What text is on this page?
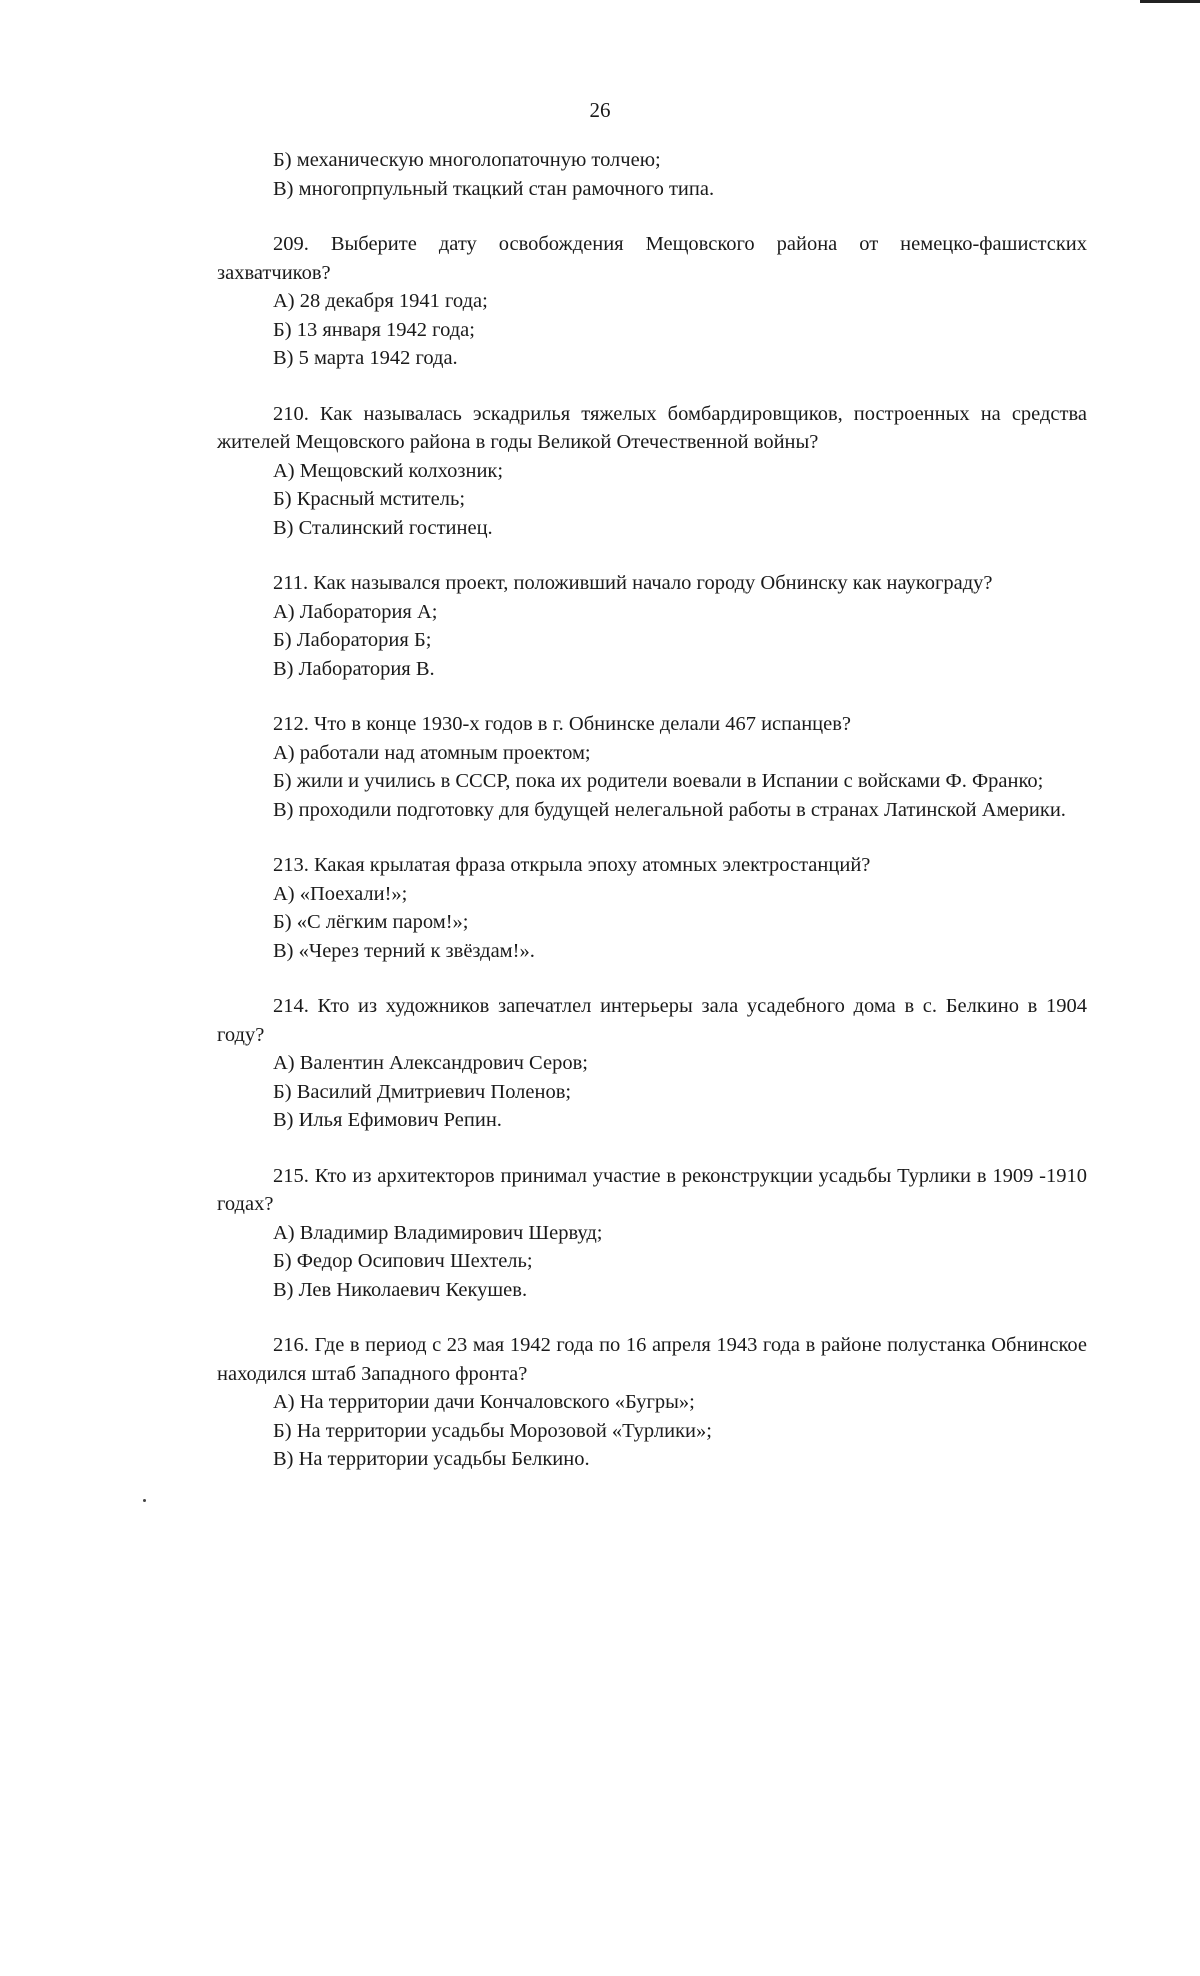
26
Б) механическую многолопаточную толчею;
В) многопрпульный ткацкий стан рамочного типа.
209. Выберите дату освобождения Мещовского района от немецко-фашистских захватчиков?
А) 28 декабря 1941 года;
Б) 13 января 1942 года;
В) 5 марта 1942 года.
210. Как называлась эскадрилья тяжелых бомбардировщиков, построенных на средства жителей Мещовского района в годы Великой Отечественной войны?
А) Мещовский колхозник;
Б) Красный мститель;
В) Сталинский гостинец.
211. Как назывался проект, положивший начало городу Обнинску как наукограду?
А) Лаборатория А;
Б) Лаборатория Б;
В) Лаборатория В.
212. Что в конце 1930-х годов в г. Обнинске делали 467 испанцев?
А) работали над атомным проектом;
Б) жили и учились в СССР, пока их родители воевали в Испании с войсками Ф. Франко;
В) проходили подготовку для будущей нелегальной работы в странах Латинской Америки.
213. Какая крылатая фраза открыла эпоху атомных электростанций?
А) «Поехали!»;
Б) «С лёгким паром!»;
В) «Через терний к звёздам!».
214. Кто из художников запечатлел интерьеры зала усадебного дома в с. Белкино в 1904 году?
А) Валентин Александрович Серов;
Б) Василий Дмитриевич Поленов;
В) Илья Ефимович Репин.
215. Кто из архитекторов принимал участие в реконструкции усадьбы Турлики в 1909 -1910 годах?
А) Владимир Владимирович Шервуд;
Б) Федор Осипович Шехтель;
В) Лев Николаевич Кекушев.
216. Где в период с 23 мая 1942 года по 16 апреля 1943 года в районе полустанка Обнинское находился штаб Западного фронта?
А) На территории дачи Кончаловского «Бугры»;
Б) На территории усадьбы Морозовой «Турлики»;
В) На территории усадьбы Белкино.
